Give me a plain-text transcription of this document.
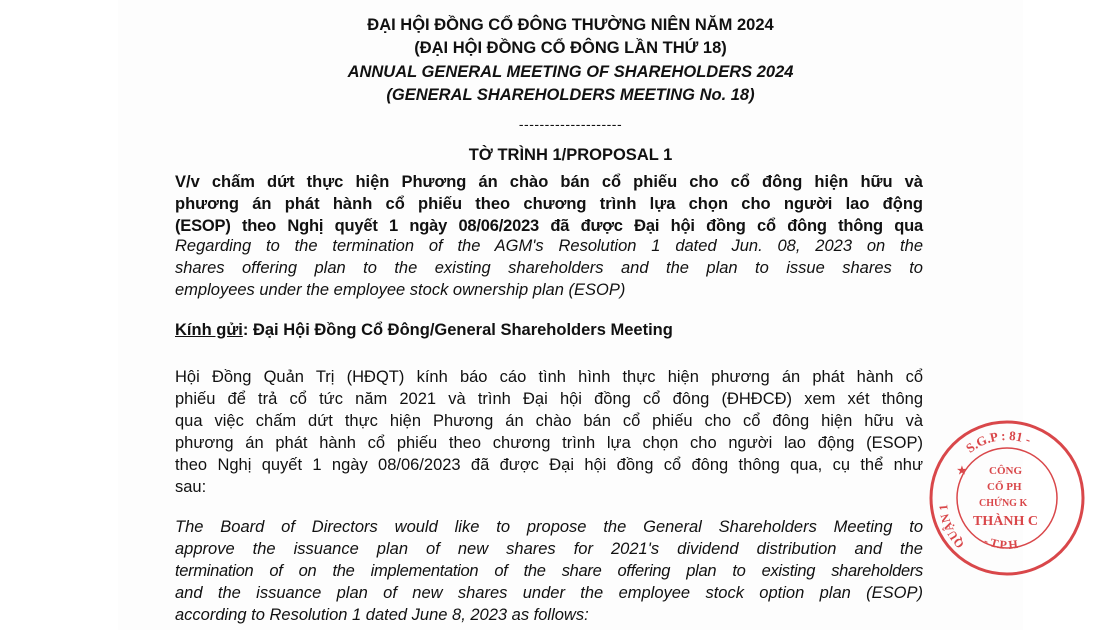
ĐẠI HỘI ĐỒNG CỔ ĐÔNG THƯỜNG NIÊN NĂM 2024
(ĐẠI HỘI ĐỒNG CỔ ĐÔNG LẦN THỨ 18)
ANNUAL GENERAL MEETING OF SHAREHOLDERS 2024
(GENERAL SHAREHOLDERS MEETING No. 18)
--------------------
TỜ TRÌNH 1/PROPOSAL 1
V/v chấm dứt thực hiện Phương án chào bán cổ phiếu cho cổ đông hiện hữu và
phương án phát hành cổ phiếu theo chương trình lựa chọn cho người lao động
(ESOP) theo Nghị quyết 1 ngày 08/06/2023 đã được Đại hội đồng cổ đông thông qua
Regarding to the termination of the AGM's Resolution 1 dated Jun. 08, 2023 on the
shares offering plan to the existing shareholders and the plan to issue shares to
employees under the employee stock ownership plan (ESOP)
Kính gửi: Đại Hội Đồng Cổ Đông/General Shareholders Meeting
Hội Đồng Quản Trị (HĐQT) kính báo cáo tình hình thực hiện phương án phát hành cổ
phiếu để trả cổ tức năm 2021 và trình Đại hội đồng cổ đông (ĐHĐCĐ) xem xét thông
qua việc chấm dứt thực hiện Phương án chào bán cổ phiếu cho cổ đông hiện hữu và
phương án phát hành cổ phiếu theo chương trình lựa chọn cho người lao động (ESOP)
theo Nghị quyết 1 ngày 08/06/2023 đã được Đại hội đồng cổ đông thông qua, cụ thể như
sau:
The Board of Directors would like to propose the General Shareholders Meeting to
approve the issuance plan of new shares for 2021's dividend distribution and the
termination of on the implementation of the share offering plan to existing shareholders
and the issuance plan of new shares under the employee stock option plan (ESOP)
according to Resolution 1 dated June 8, 2023 as follows:
S.G.P : 81 -
QUẬN 1
- T.P H
★ CÔNG
CỔ PH
CHỨNG K
THÀNH C
